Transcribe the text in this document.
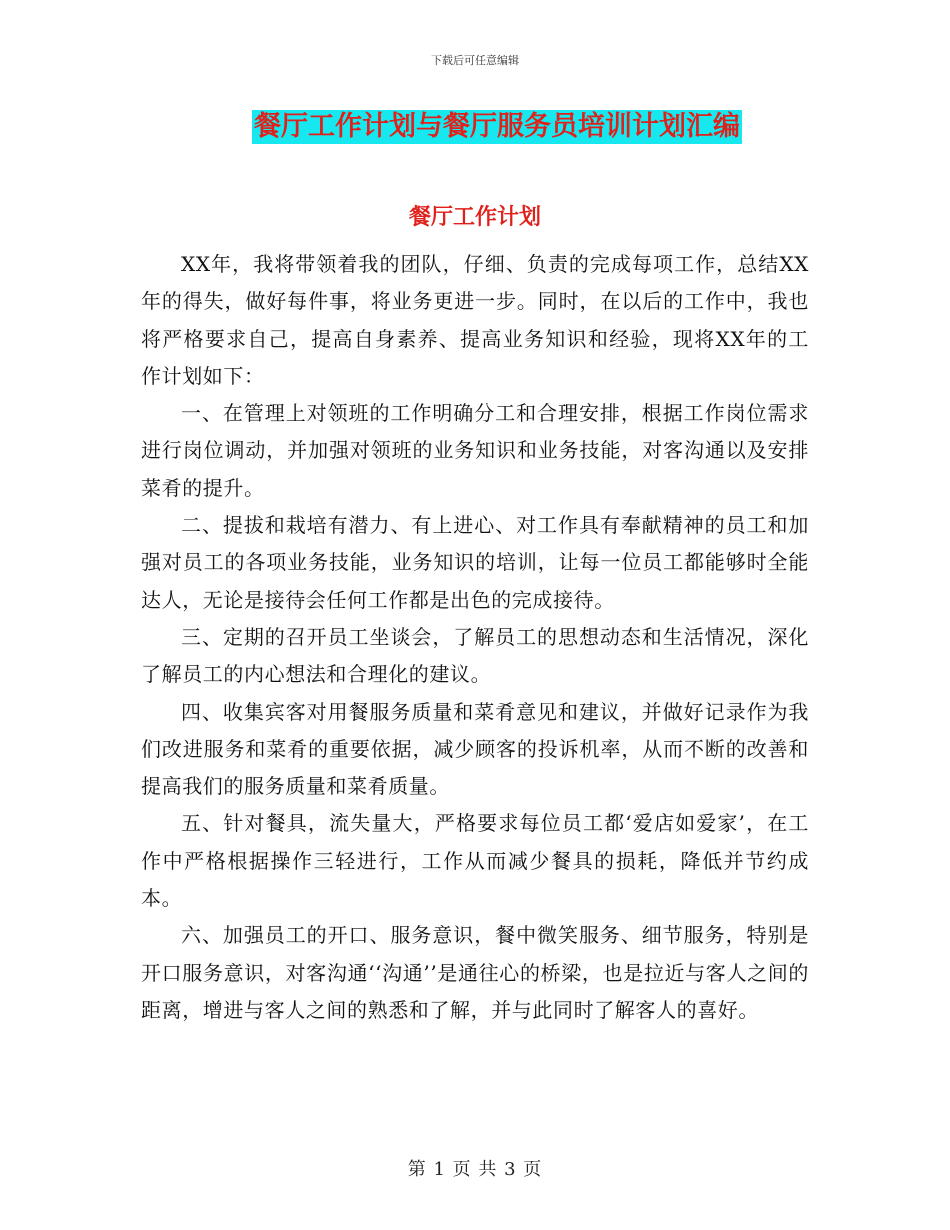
下载后可任意编辑
餐厅工作计划与餐厅服务员培训计划汇编
餐厅工作计划

XX年，我将带领着我的团队，仔细、负责的完成每项工作，总结XX年的得失，做好每件事，将业务更进一步。同时，在以后的工作中，我也将严格要求自己，提高自身素养、提高业务知识和经验，现将XX年的工作计划如下：

一、在管理上对领班的工作明确分工和合理安排，根据工作岗位需求进行岗位调动，并加强对领班的业务知识和业务技能，对客沟通以及安排菜肴的提升。

二、提拔和栽培有潜力、有上进心、对工作具有奉献精神的员工和加强对员工的各项业务技能，业务知识的培训，让每一位员工都能够时全能达人，无论是接待会任何工作都是出色的完成接待。

三、定期的召开员工坐谈会，了解员工的思想动态和生活情况，深化了解员工的内心想法和合理化的建议。

四、收集宾客对用餐服务质量和菜肴意见和建议，并做好记录作为我们改进服务和菜肴的重要依据，减少顾客的投诉机率，从而不断的改善和提高我们的服务质量和菜肴质量。

五、针对餐具，流失量大，严格要求每位员工都‘爱店如爱家’，在工作中严格根据操作三轻进行，工作从而减少餐具的损耗，降低并节约成本。

六、加强员工的开口、服务意识，餐中微笑服务、细节服务，特别是开口服务意识，对客沟通‘‘沟通’’是通往心的桥梁，也是拉近与客人之间的距离，增进与客人之间的熟悉和了解，并与此同时了解客人的喜好。

第 1 页 共 3 页
